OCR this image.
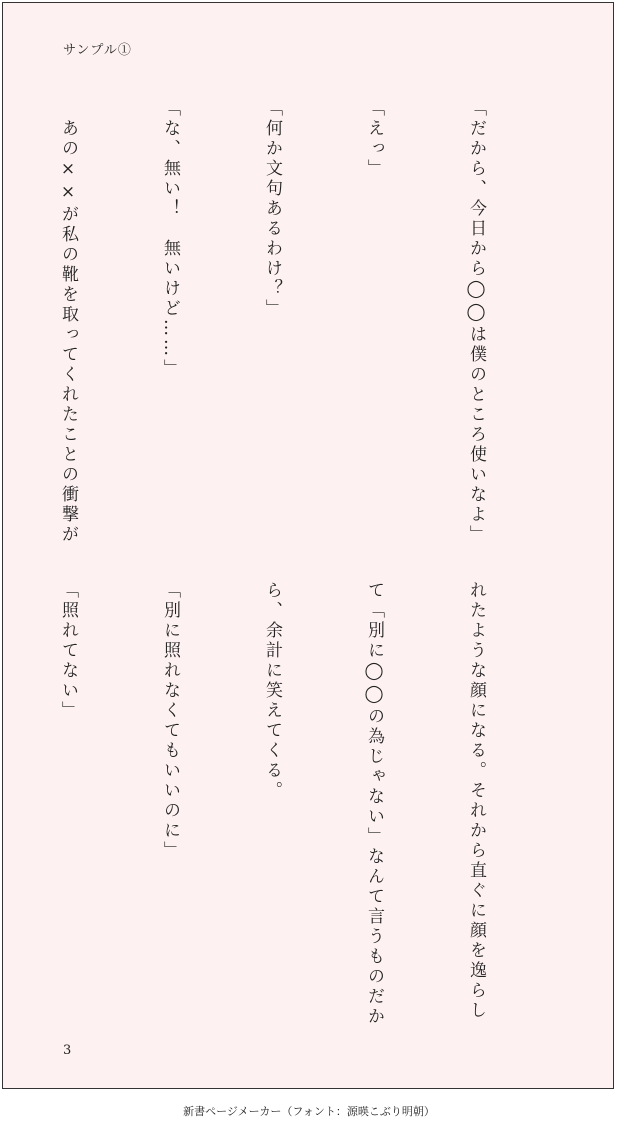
サンプル①

「だから、今日から◯◯は僕のところ使いなよ」

「えっ」

「何か文句あるわけ？」

「な、無い！　無いけど……」

　あの××が私の靴を取ってくれたことの衝撃が

れたような顔になる。それから直ぐに顔を逸らし

て「別に◯◯の為じゃない」なんて言うものだか

ら、余計に笑えてくる。

「別に照れなくてもいいのに」

「照れてない」

3
新書ページメーカー（フォント：源暎こぶり明朝）
